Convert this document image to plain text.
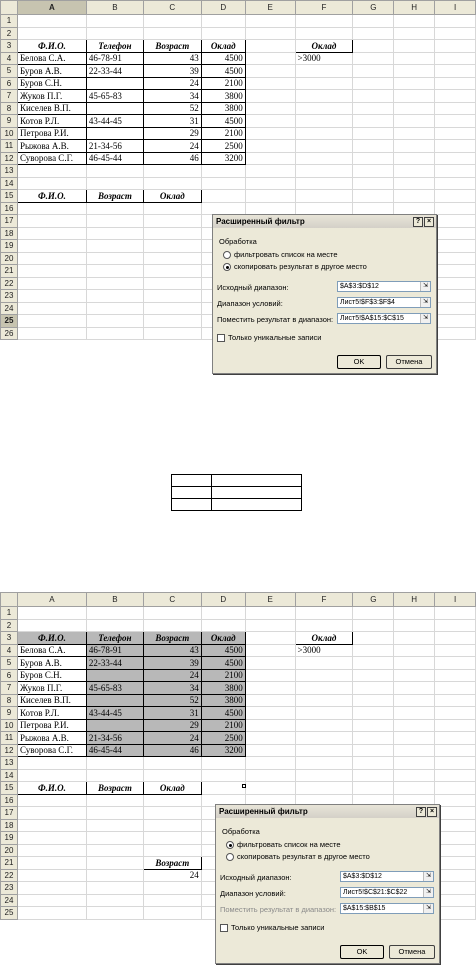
	A	B	C	D	E	F	G	H	I
1									
2									
3	Ф.И.О.	Телефон	Возраст	Оклад		Оклад			
4	Белова С.А.	46-78-91	43	4500		>3000			
5	Буров А.В.	22-33-44	39	4500					
6	Буров С.Н.		24	2100					
7	Жуков П.Г.	45-65-83	34	3800					
8	Киселев В.П.		52	3800					
9	Котов Р.Л.	43-44-45	31	4500					
10	Петрова Р.И.		29	2100					
11	Рыжова А.В.	21-34-56	24	2500					
12	Суворова С.Г.	46-45-44	46	3200					
13									
14									
15	Ф.И.О.	Возраст	Оклад						
16									
17									
18									
19									
20									
21									
22									
23									
24									
25									
26									
Расширенный фильтр	? ×
Обработка
фильтровать список на месте
скопировать результат в другое место
Исходный диапазон:	$A$3:$D$12	⇲
Диапазон условий:	Лист5!$F$3:$F$4	⇲
Поместить результат в диапазон: Лист5!$A$15:$C$15	⇲
Только уникальные записи
OK	Отмена

	A	B	C	D	E	F	G	H	I
1									
2									
3	Ф.И.О.	Телефон	Возраст	Оклад		Оклад			
4	Белова С.А.	46-78-91	43	4500		>3000			
5	Буров А.В.	22-33-44	39	4500					
6	Буров С.Н.		24	2100					
7	Жуков П.Г.	45-65-83	34	3800					
8	Киселев В.П.		52	3800					
9	Котов Р.Л.	43-44-45	31	4500					
10	Петрова Р.И.		29	2100					
11	Рыжова А.В.	21-34-56	24	2500					
12	Суворова С.Г.	46-45-44	46	3200					
13									
14									
15	Ф.И.О.	Возраст	Оклад						
16									
17									
18									
19									
20									
21			Возраст						
22			24						
23									
24									
25									
Расширенный фильтр	? ×
Обработка
фильтровать список на месте
скопировать результат в другое место
Исходный диапазон:	$A$3:$D$12	⇲
Диапазон условий:	Лист5!$C$21:$C$22	⇲
Поместить результат в диапазон: $A$15:$B$15	⇲
Только уникальные записи
OK	Отмена
